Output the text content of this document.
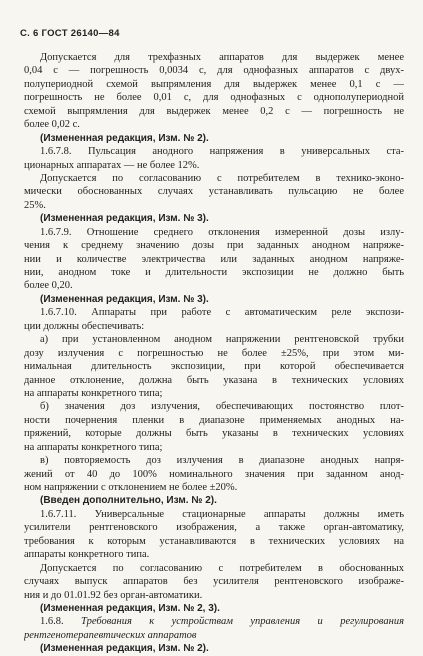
С. 6 ГОСТ 26140—84
Допускается для трехфазных аппаратов для выдержек менее
0,04 с — погрешность 0,0034 с, для однофазных аппаратов с двух-
полупериодной схемой выпрямления для выдержек менее 0,1 с —
погрешность не более 0,01 с, для однофазных с однополупериодной
схемой выпрямления для выдержек менее 0,2 с — погрешность не
более 0,02 с.
(Измененная редакция, Изм. № 2).
1.6.7.8. Пульсация анодного напряжения в универсальных ста-
ционарных аппаратах — не более 12%.
Допускается по согласованию с потребителем в технико-эконо-
мически обоснованных случаях устанавливать пульсацию не более
25%.
(Измененная редакция, Изм. № 3).
1.6.7.9. Отношение среднего отклонения измеренной дозы излу-
чения к среднему значению дозы при заданных анодном напряже-
нии и количестве электричества или заданных анодном напряже-
нии, анодном токе и длительности экспозиции не должно быть
более 0,20.
(Измененная редакция, Изм. № 3).
1.6.7.10. Аппараты при работе с автоматическим реле экспози-
ции должны обеспечивать:
а) при установленном анодном напряжении рентгеновской трубки
дозу излучения с погрешностью не более ±25%, при этом ми-
нимальная длительность экспозиции, при которой обеспечивается
данное отклонение, должна быть указана в технических условиях
на аппараты конкретного типа;
б) значения доз излучения, обеспечивающих постоянство плот-
ности почернения пленки в диапазоне применяемых анодных на-
пряжений, которые должны быть указаны в технических условиях
на аппараты конкретного типа;
в) повторяемость доз излучения в диапазоне анодных напря-
жений от 40 до 100% номинального значения при заданном анод-
ном напряжении с отклонением не более ±20%.
(Введен дополнительно, Изм. № 2).
1.6.7.11. Универсальные стационарные аппараты должны иметь
усилители рентгеновского изображения, а также орган-автоматику,
требования к которым устанавливаются в технических условиях на
аппараты конкретного типа.
Допускается по согласованию с потребителем в обоснованных
случаях выпуск аппаратов без усилителя рентгеновского изображе-
ния и до 01.01.92 без орган-автоматики.
(Измененная редакция, Изм. № 2, 3).
1.6.8. Требования к устройствам управления и регулирования
рентгенотерапевтических аппаратов
(Измененная редакция, Изм. № 2).
